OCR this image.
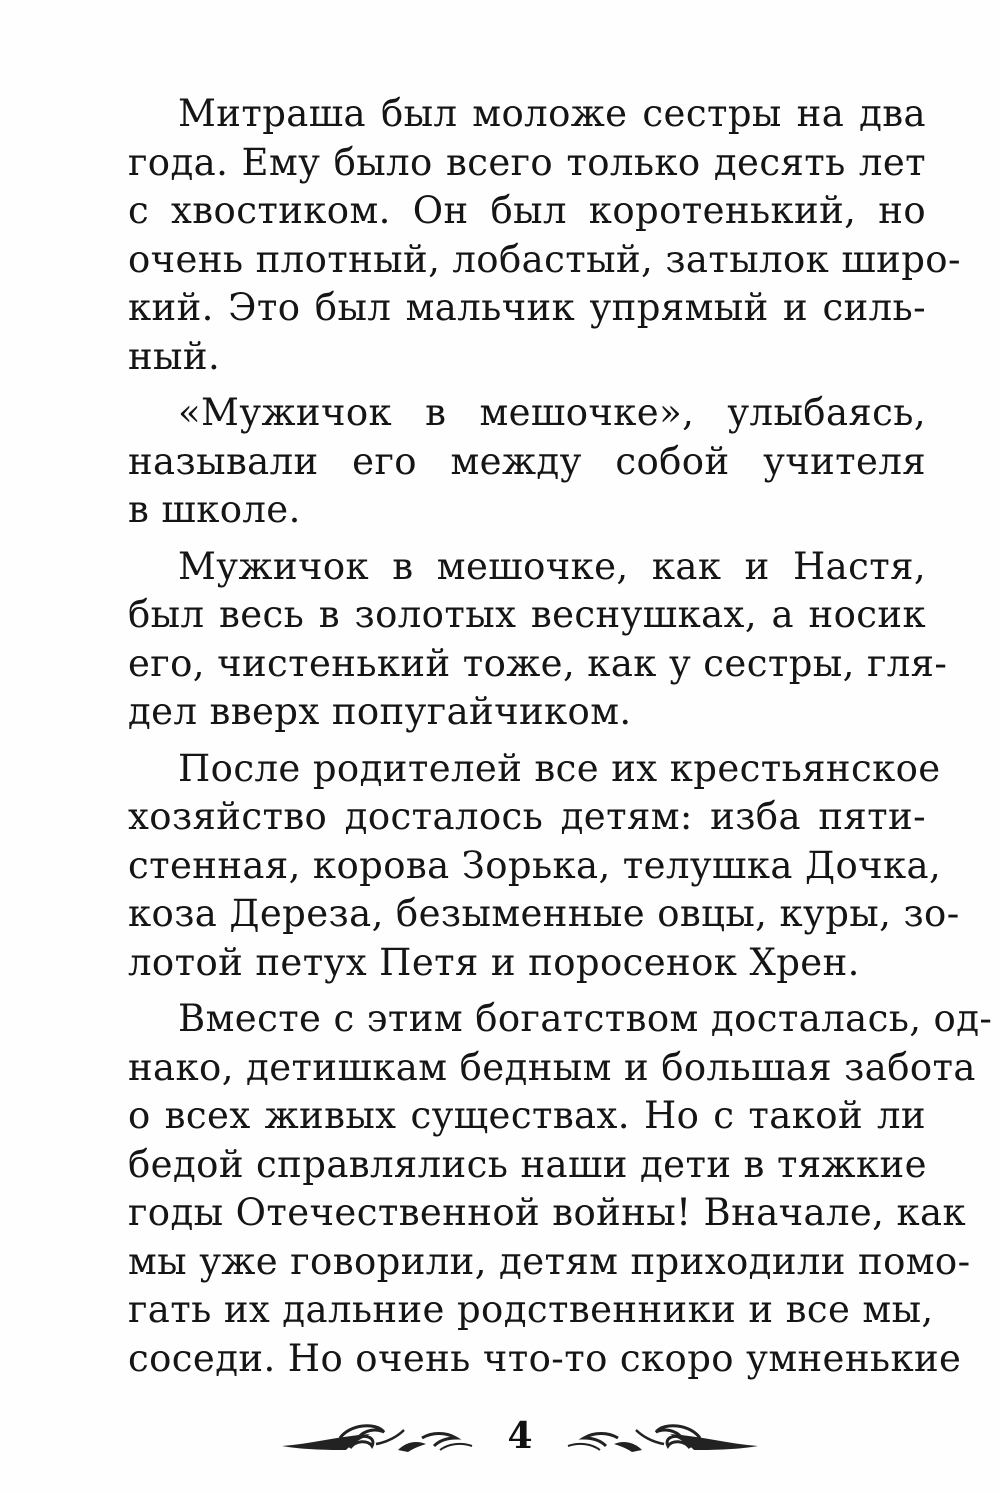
Митраша был моложе сестры на два
года. Ему было всего только десять лет
с хвостиком. Он был коротенький, но
очень плотный, лобастый, затылок широ-
кий. Это был мальчик упрямый и силь-
ный.
«Мужичок в мешочке», улыбаясь,
называли его между собой учителя
в школе.
Мужичок в мешочке, как и Настя,
был весь в золотых веснушках, а носик
его, чистенький тоже, как у сестры, гля-
дел вверх попугайчиком.
После родителей все их крестьянское
хозяйство досталось детям: изба пяти-
стенная, корова Зорька, телушка Дочка,
коза Дереза, безыменные овцы, куры, зо-
лотой петух Петя и поросенок Хрен.
Вместе с этим богатством досталась, од-
нако, детишкам бедным и большая забота
о всех живых существах. Но с такой ли
бедой справлялись наши дети в тяжкие
годы Отечественной войны! Вначале, как
мы уже говорили, детям приходили помо-
гать их дальние родственники и все мы,
соседи. Но очень что-то скоро умненькие
4
